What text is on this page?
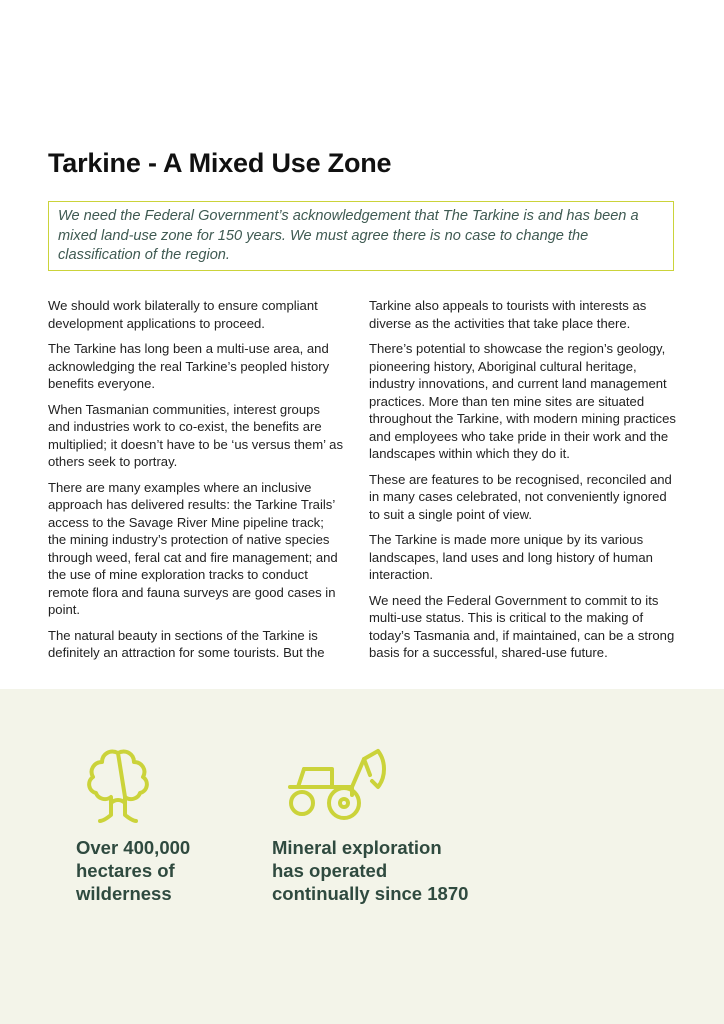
Tarkine - A Mixed Use Zone

We need the Federal Government’s acknowledgement that The Tarkine is and has been a mixed land-use zone for 150 years. We must agree there is no case to change the classification of the region.

We should work bilaterally to ensure compliant development applications to proceed.

The Tarkine has long been a multi-use area, and acknowledging the real Tarkine’s peopled history benefits everyone.

When Tasmanian communities, interest groups and industries work to co-exist, the benefits are multiplied; it doesn’t have to be ‘us versus them’ as others seek to portray.

There are many examples where an inclusive approach has delivered results: the Tarkine Trails’ access to the Savage River Mine pipeline track; the mining industry’s protection of native species through weed, feral cat and fire management; and the use of mine exploration tracks to conduct remote flora and fauna surveys are good cases in point.

The natural beauty in sections of the Tarkine is definitely an attraction for some tourists. But the

Tarkine also appeals to tourists with interests as diverse as the activities that take place there.

There’s potential to showcase the region’s geology, pioneering history, Aboriginal cultural heritage, industry innovations, and current land management practices. More than ten mine sites are situated throughout the Tarkine, with modern mining practices and employees who take pride in their work and the landscapes within which they do it.

These are features to be recognised, reconciled and in many cases celebrated, not conveniently ignored to suit a single point of view.

The Tarkine is made more unique by its various landscapes, land uses and long history of human interaction.

We need the Federal Government to commit to its multi-use status. This is critical to the making of today’s Tasmania and, if maintained, can be a strong basis for a successful, shared-use future.

Over 400,000
hectares of
wilderness
Mineral exploration
has operated
continually since 1870
